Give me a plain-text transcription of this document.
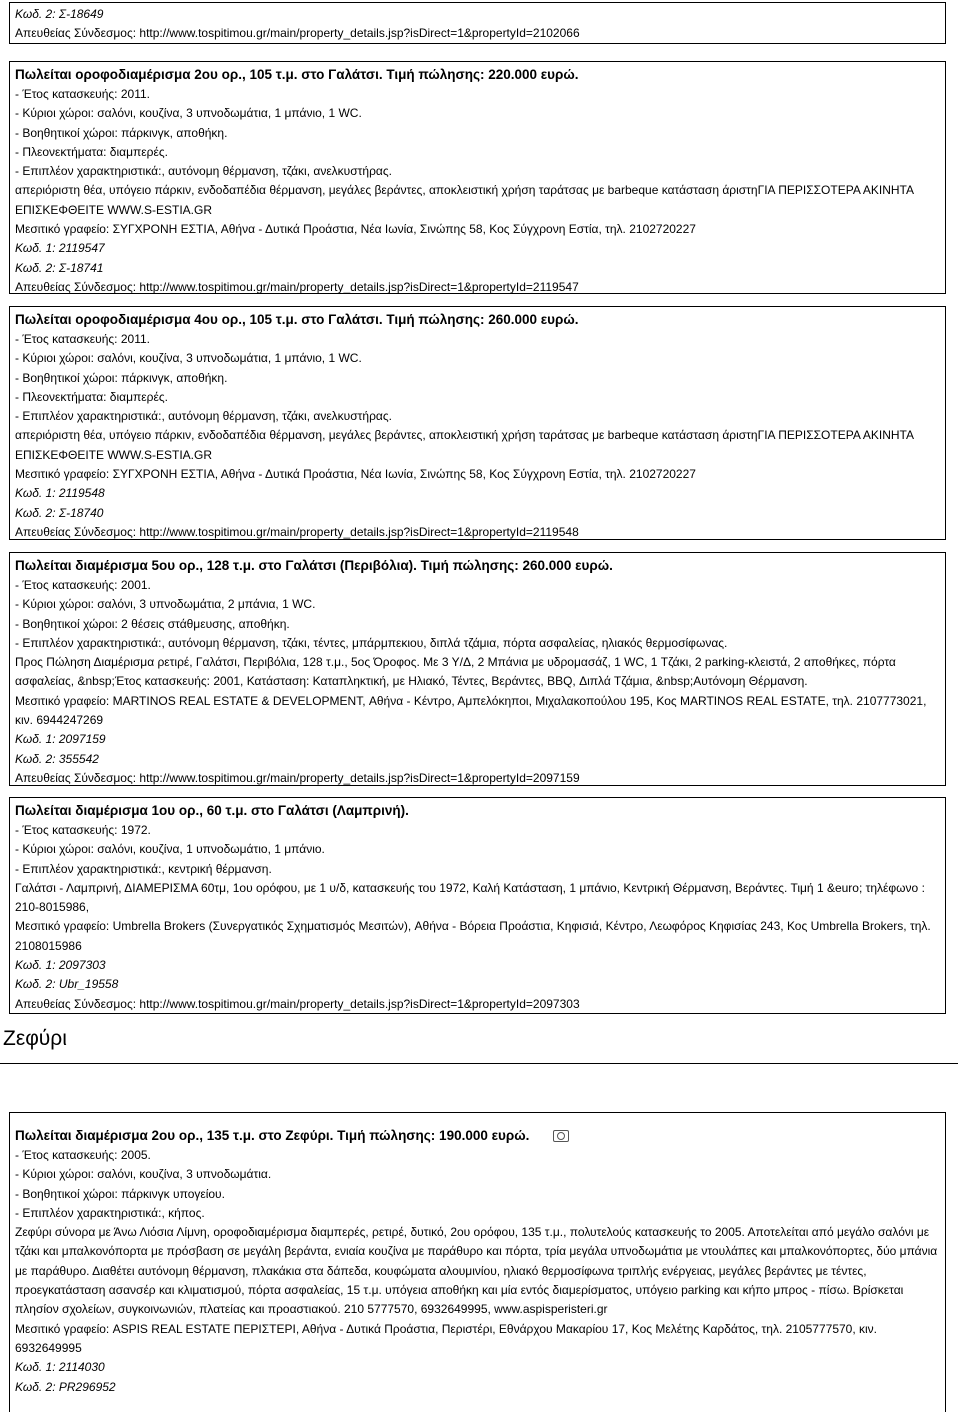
Κωδ. 2: Σ-18649
Απευθείας Σύνδεσμος: http://www.tospitimou.gr/main/property_details.jsp?isDirect=1&propertyId=2102066
Πωλείται οροφοδιαμέρισμα 2ου ορ., 105 τ.μ. στο Γαλάτσι. Τιμή πώλησης: 220.000 ευρώ.
- Έτος κατασκευής: 2011.
- Κύριοι χώροι: σαλόνι, κουζίνα, 3 υπνοδωμάτια, 1 μπάνιο, 1 WC.
- Βοηθητικοί χώροι: πάρκινγκ, αποθήκη.
- Πλεονεκτήματα: διαμπερές.
- Επιπλέον χαρακτηριστικά:, αυτόνομη θέρμανση, τζάκι, ανελκυστήρας.
απεριόριστη θέα, υπόγειο πάρκιν, ενδοδαπέδια θέρμανση, μεγάλες βεράντες, αποκλειστική χρήση ταράτσας με barbeque κατάσταση άριστηΓΙΑ ΠΕΡΙΣΣΟΤΕΡΑ ΑΚΙΝΗΤΑ ΕΠΙΣΚΕΦΘΕΙΤΕ WWW.S-ESTIA.GR
Μεσιτικό γραφείο: ΣΥΓΧΡΟΝΗ ΕΣΤΙΑ, Αθήνα - Δυτικά Προάστια, Νέα Ιωνία, Σινώπης 58, Κος Σύγχρονη Εστία, τηλ. 2102720227
Κωδ. 1: 2119547
Κωδ. 2: Σ-18741
Απευθείας Σύνδεσμος: http://www.tospitimou.gr/main/property_details.jsp?isDirect=1&propertyId=2119547
Πωλείται οροφοδιαμέρισμα 4ου ορ., 105 τ.μ. στο Γαλάτσι. Τιμή πώλησης: 260.000 ευρώ.
- Έτος κατασκευής: 2011.
- Κύριοι χώροι: σαλόνι, κουζίνα, 3 υπνοδωμάτια, 1 μπάνιο, 1 WC.
- Βοηθητικοί χώροι: πάρκινγκ, αποθήκη.
- Πλεονεκτήματα: διαμπερές.
- Επιπλέον χαρακτηριστικά:, αυτόνομη θέρμανση, τζάκι, ανελκυστήρας.
απεριόριστη θέα, υπόγειο πάρκιν, ενδοδαπέδια θέρμανση, μεγάλες βεράντες, αποκλειστική χρήση ταράτσας με barbeque κατάσταση άριστηΓΙΑ ΠΕΡΙΣΣΟΤΕΡΑ ΑΚΙΝΗΤΑ ΕΠΙΣΚΕΦΘΕΙΤΕ WWW.S-ESTIA.GR
Μεσιτικό γραφείο: ΣΥΓΧΡΟΝΗ ΕΣΤΙΑ, Αθήνα - Δυτικά Προάστια, Νέα Ιωνία, Σινώπης 58, Κος Σύγχρονη Εστία, τηλ. 2102720227
Κωδ. 1: 2119548
Κωδ. 2: Σ-18740
Απευθείας Σύνδεσμος: http://www.tospitimou.gr/main/property_details.jsp?isDirect=1&propertyId=2119548
Πωλείται διαμέρισμα 5ου ορ., 128 τ.μ. στο Γαλάτσι (Περιβόλια). Τιμή πώλησης: 260.000 ευρώ.
- Έτος κατασκευής: 2001.
- Κύριοι χώροι: σαλόνι, 3 υπνοδωμάτια, 2 μπάνια, 1 WC.
- Βοηθητικοί χώροι: 2 θέσεις στάθμευσης, αποθήκη.
- Επιπλέον χαρακτηριστικά:, αυτόνομη θέρμανση, τζάκι, τέντες, μπάρμπεκιου, διπλά τζάμια, πόρτα ασφαλείας, ηλιακός θερμοσίφωνας.
Προς Πώληση Διαμέρισμα ρετιρέ, Γαλάτσι, Περιβόλια, 128 τ.μ., 5ος Όροφος. Με 3 Υ/Δ, 2 Μπάνια με υδρομασάζ, 1 WC, 1 Τζάκι, 2 parking-κλειστά, 2 αποθήκες, πόρτα ασφαλείας, &nbsp;Έτος κατασκευής: 2001, Κατάσταση: Καταπληκτική, με Ηλιακό, Τέντες, Βεράντες, BBQ, Διπλά Τζάμια, &nbsp;Αυτόνομη Θέρμανση.
Μεσιτικό γραφείο: MARTINOS REAL ESTATE & DEVELOPMENT, Αθήνα - Κέντρο, Αμπελόκηποι, Μιχαλακοπούλου 195, Κος MARTINOS REAL ESTATE, τηλ. 2107773021, κιν. 6944247269
Κωδ. 1: 2097159
Κωδ. 2: 355542
Απευθείας Σύνδεσμος: http://www.tospitimou.gr/main/property_details.jsp?isDirect=1&propertyId=2097159
Πωλείται διαμέρισμα 1ου ορ., 60 τ.μ. στο Γαλάτσι (Λαμπρινή).
- Έτος κατασκευής: 1972.
- Κύριοι χώροι: σαλόνι, κουζίνα, 1 υπνοδωμάτιο, 1 μπάνιο.
- Επιπλέον χαρακτηριστικά:, κεντρική θέρμανση.
Γαλάτσι - Λαμπρινή, ΔΙΑΜΕΡΙΣΜΑ 60τμ, 1ου ορόφου, με 1 υ/δ, κατασκευής του 1972, Καλή Κατάσταση, 1 μπάνιο, Κεντρική Θέρμανση, Βεράντες. Τιμή 1 &euro; τηλέφωνο : 210-8015986,
Μεσιτικό γραφείο: Umbrella Brokers (Συνεργατικός Σχηματισμός Μεσιτών), Αθήνα - Βόρεια Προάστια, Κηφισιά, Κέντρο, Λεωφόρος Κηφισίας 243, Κος Umbrella Brokers, τηλ. 2108015986
Κωδ. 1: 2097303
Κωδ. 2: Ubr_19558
Απευθείας Σύνδεσμος: http://www.tospitimou.gr/main/property_details.jsp?isDirect=1&propertyId=2097303
Ζεφύρι
Πωλείται διαμέρισμα 2ου ορ., 135 τ.μ. στο Ζεφύρι. Τιμή πώλησης: 190.000 ευρώ.
- Έτος κατασκευής: 2005.
- Κύριοι χώροι: σαλόνι, κουζίνα, 3 υπνοδωμάτια.
- Βοηθητικοί χώροι: πάρκινγκ υπογείου.
- Επιπλέον χαρακτηριστικά:, κήπος.
Ζεφύρι σύνορα με Άνω Λιόσια Λίμνη, οροφοδιαμέρισμα διαμπερές, ρετιρέ, δυτικό, 2ου ορόφου, 135 τ.μ., πολυτελούς κατασκευής το 2005. Αποτελείται από μεγάλο σαλόνι με τζάκι και μπαλκονόπορτα με πρόσβαση σε μεγάλη βεράντα, ενιαία κουζίνα με παράθυρο και πόρτα, τρία μεγάλα υπνοδωμάτια με ντουλάπες και μπαλκονόπορτες, δύο μπάνια με παράθυρο. Διαθέτει αυτόνομη θέρμανση, πλακάκια στα δάπεδα, κουφώματα αλουμινίου, ηλιακό θερμοσίφωνα τριπλής ενέργειας, μεγάλες βεράντες με τέντες, προεγκατάσταση ασανσέρ και κλιματισμού, πόρτα ασφαλείας, 15 τ.μ. υπόγεια αποθήκη και μία εντός διαμερίσματος, υπόγειο parking και κήπο μπρος - πίσω. Βρίσκεται πλησίον σχολείων, συγκοινωνιών, πλατείας και προαστιακού. 210 5777570, 6932649995, www.aspisperisteri.gr
Μεσιτικό γραφείο: ASPIS REAL ESTATE ΠΕΡΙΣΤΕΡΙ, Αθήνα - Δυτικά Προάστια, Περιστέρι, Εθνάρχου Μακαρίου 17, Κος Μελέτης Καρδάτος, τηλ. 2105777570, κιν. 6932649995
Κωδ. 1: 2114030
Κωδ. 2: PR296952
